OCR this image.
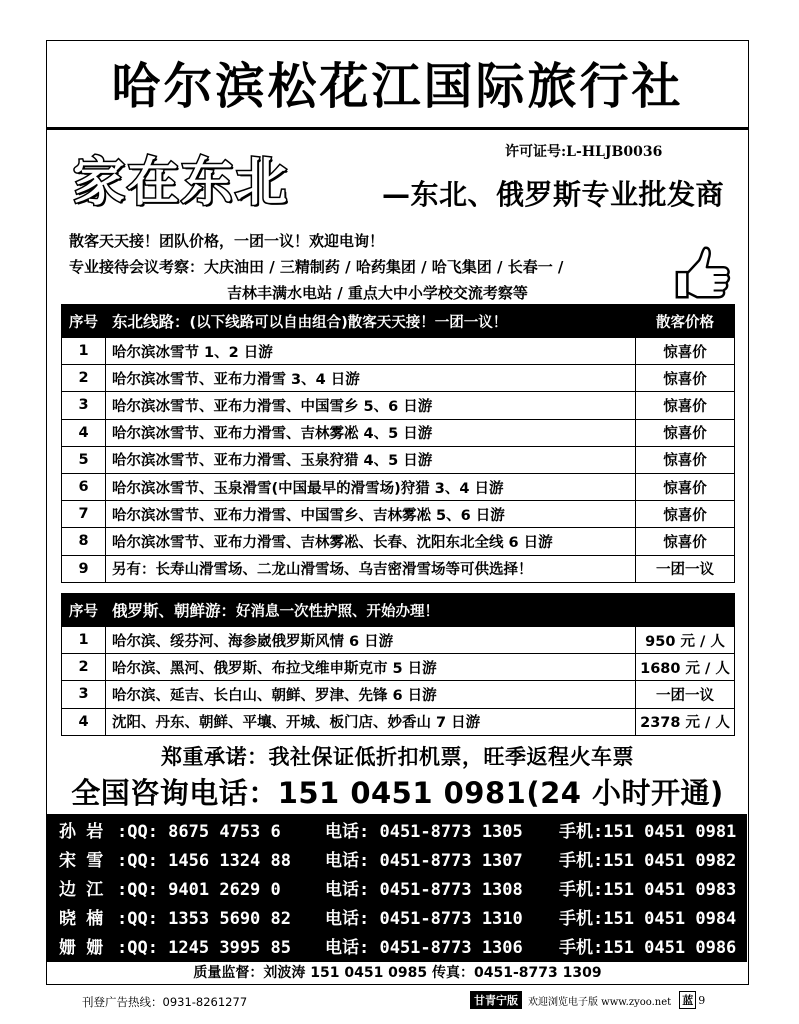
哈尔滨松花江国际旅行社
许可证号:L-HLJB0036
家在东北	—东北、俄罗斯专业批发商
散客天天接！团队价格，一团一议！欢迎电询！
专业接待会议考察：大庆油田 / 三精制药 / 哈药集团 / 哈飞集团 / 长春一 /
吉林丰满水电站 / 重点大中小学校交流考察等
序号	东北线路：(以下线路可以自由组合)散客天天接！一团一议！	散客价格
1	哈尔滨冰雪节 1、2 日游	惊喜价
2	哈尔滨冰雪节、亚布力滑雪 3、4 日游	惊喜价
3	哈尔滨冰雪节、亚布力滑雪、中国雪乡 5、6 日游	惊喜价
4	哈尔滨冰雪节、亚布力滑雪、吉林雾凇 4、5 日游	惊喜价
5	哈尔滨冰雪节、亚布力滑雪、玉泉狩猎 4、5 日游	惊喜价
6	哈尔滨冰雪节、玉泉滑雪(中国最早的滑雪场)狩猎 3、4 日游	惊喜价
7	哈尔滨冰雪节、亚布力滑雪、中国雪乡、吉林雾凇 5、6 日游	惊喜价
8	哈尔滨冰雪节、亚布力滑雪、吉林雾凇、长春、沈阳东北全线 6 日游	惊喜价
9	另有：长寿山滑雪场、二龙山滑雪场、乌吉密滑雪场等可供选择！	一团一议
序号	俄罗斯、朝鲜游：好消息一次性护照、开始办理！	
1	哈尔滨、绥芬河、海参崴俄罗斯风情 6 日游	950 元 / 人
2	哈尔滨、黑河、俄罗斯、布拉戈维申斯克市 5 日游	1680 元 / 人
3	哈尔滨、延吉、长白山、朝鲜、罗津、先锋 6 日游	一团一议
4	沈阳、丹东、朝鲜、平壤、开城、板门店、妙香山 7 日游	2378 元 / 人
郑重承诺：我社保证低折扣机票，旺季返程火车票
全国咨询电话：151 0451 0981(24 小时开通)
孙 岩 :QQ: 8675 4753 6	电话: 0451-8773 1305 手机:151 0451 0981
宋 雪 :QQ: 1456 1324 88 电话: 0451-8773 1307 手机:151 0451 0982
边 江 :QQ: 9401 2629 0	电话: 0451-8773 1308 手机:151 0451 0983
晓 楠 :QQ: 1353 5690 82 电话: 0451-8773 1310 手机:151 0451 0984
姗 姗 :QQ: 1245 3995 85 电话: 0451-8773 1306 手机:151 0451 0986
质量监督：刘波涛 151 0451 0985 传真：0451-8773 1309
刊登广告热线：0931-8261277	甘青宁版	欢迎浏览电子版 www.zyoo.net 蓝 9
